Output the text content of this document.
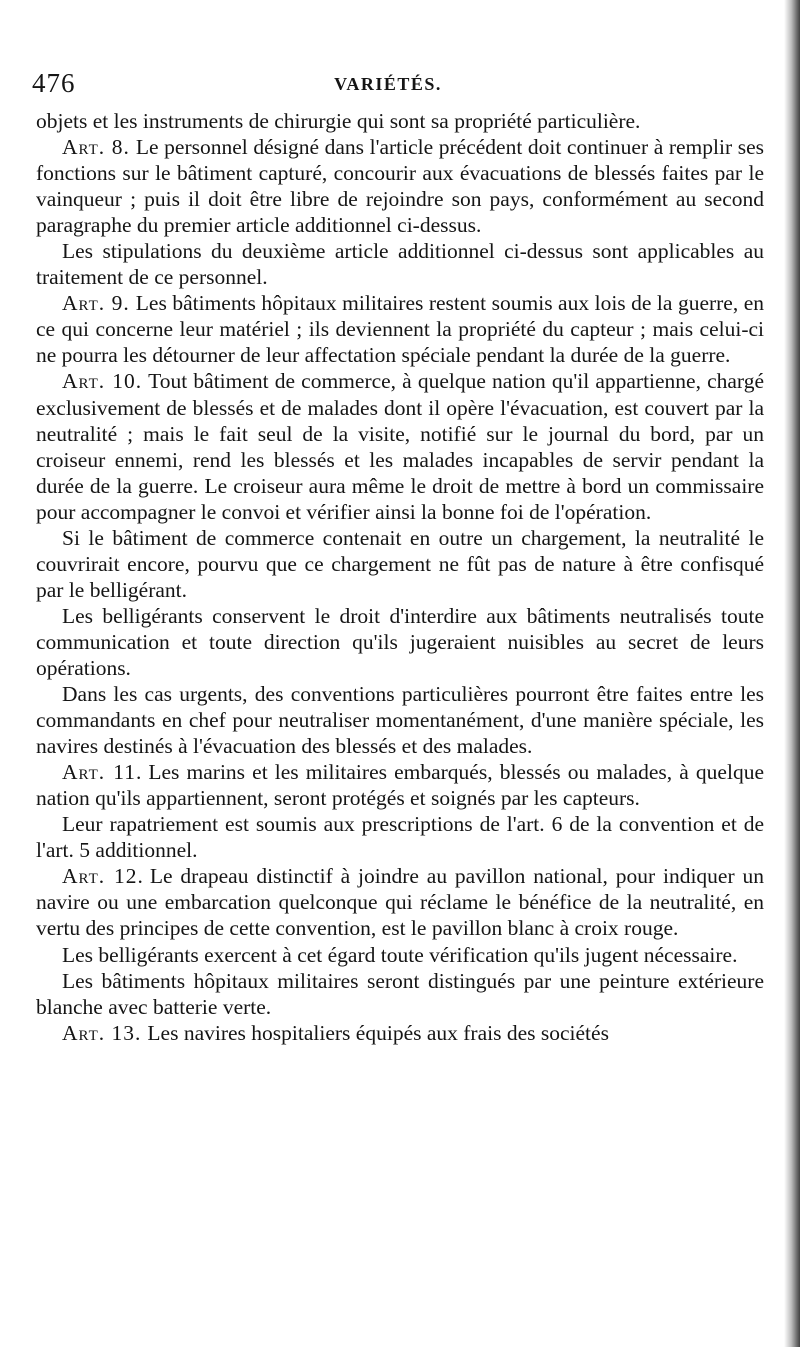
476	VARIÉTÉS.

objets et les instruments de chirurgie qui sont sa propriété particulière.

Art. 8. Le personnel désigné dans l'article précédent doit continuer à remplir ses fonctions sur le bâtiment capturé, concourir aux évacuations de blessés faites par le vainqueur ; puis il doit être libre de rejoindre son pays, conformément au second paragraphe du premier article additionnel ci-dessus.

Les stipulations du deuxième article additionnel ci-dessus sont applicables au traitement de ce personnel.

Art. 9. Les bâtiments hôpitaux militaires restent soumis aux lois de la guerre, en ce qui concerne leur matériel ; ils deviennent la propriété du capteur ; mais celui-ci ne pourra les détourner de leur affectation spéciale pendant la durée de la guerre.

Art. 10. Tout bâtiment de commerce, à quelque nation qu'il appartienne, chargé exclusivement de blessés et de malades dont il opère l'évacuation, est couvert par la neutralité ; mais le fait seul de la visite, notifié sur le journal du bord, par un croiseur ennemi, rend les blessés et les malades incapables de servir pendant la durée de la guerre. Le croiseur aura même le droit de mettre à bord un commissaire pour accompagner le convoi et vérifier ainsi la bonne foi de l'opération.

Si le bâtiment de commerce contenait en outre un chargement, la neutralité le couvrirait encore, pourvu que ce chargement ne fût pas de nature à être confisqué par le belligérant.

Les belligérants conservent le droit d'interdire aux bâtiments neutralisés toute communication et toute direction qu'ils jugeraient nuisibles au secret de leurs opérations.

Dans les cas urgents, des conventions particulières pourront être faites entre les commandants en chef pour neutraliser momentanément, d'une manière spéciale, les navires destinés à l'évacuation des blessés et des malades.

Art. 11. Les marins et les militaires embarqués, blessés ou malades, à quelque nation qu'ils appartiennent, seront protégés et soignés par les capteurs.

Leur rapatriement est soumis aux prescriptions de l'art. 6 de la convention et de l'art. 5 additionnel.

Art. 12. Le drapeau distinctif à joindre au pavillon national, pour indiquer un navire ou une embarcation quelconque qui réclame le bénéfice de la neutralité, en vertu des principes de cette convention, est le pavillon blanc à croix rouge.

Les belligérants exercent à cet égard toute vérification qu'ils jugent nécessaire.

Les bâtiments hôpitaux militaires seront distingués par une peinture extérieure blanche avec batterie verte.

Art. 13. Les navires hospitaliers équipés aux frais des sociétés
